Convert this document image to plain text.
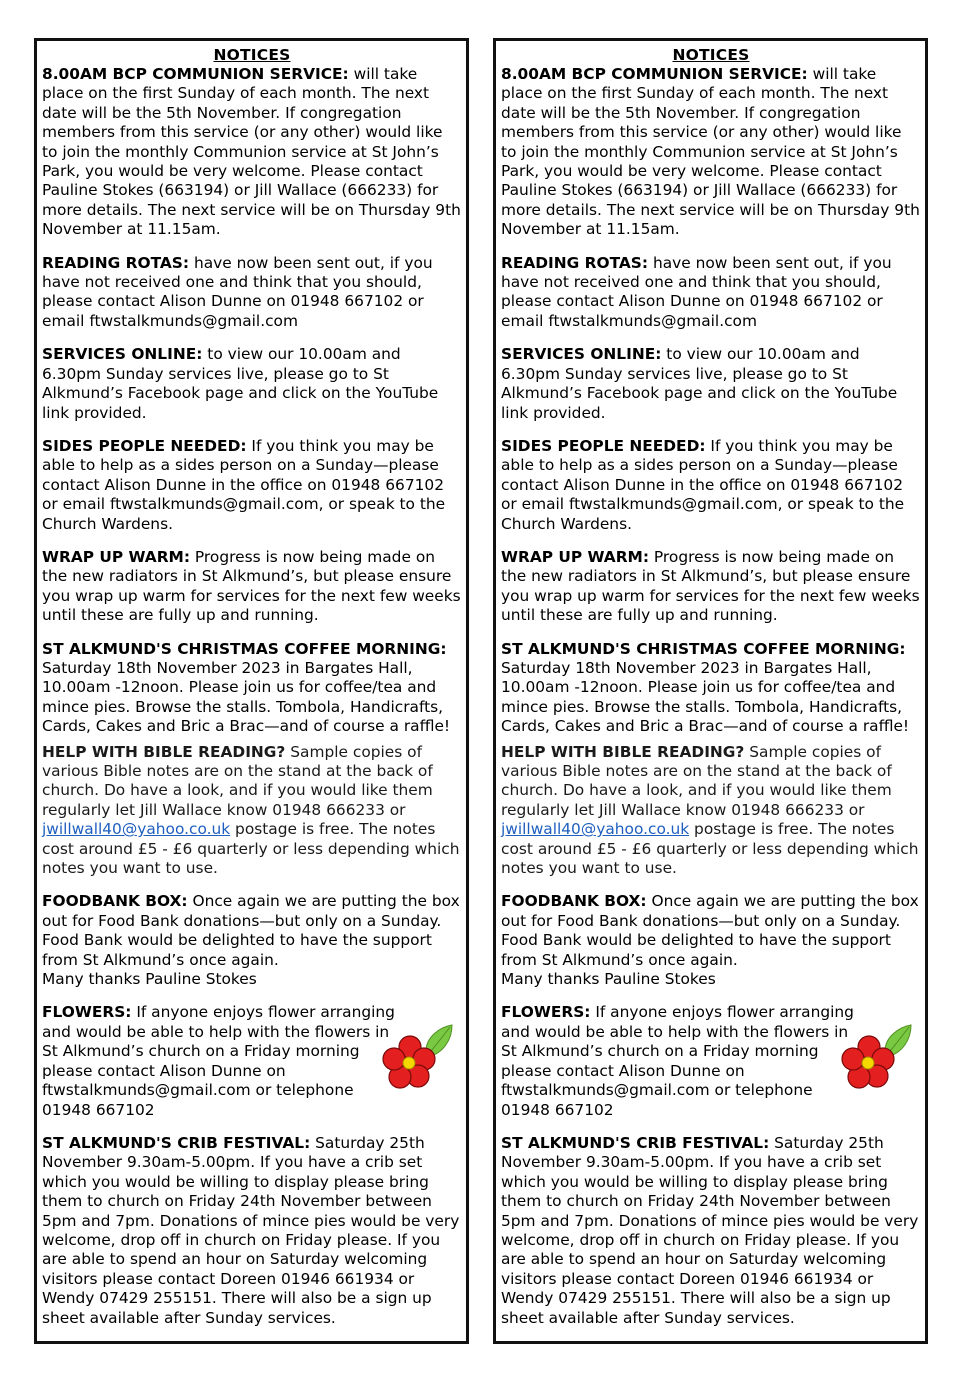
NOTICES

8.00AM BCP COMMUNION SERVICE: will take place on the first Sunday of each month. The next date will be the 5th November. If congregation members from this service (or any other) would like to join the monthly Communion service at St John’s Park, you would be very welcome. Please contact Pauline Stokes (663194) or Jill Wallace (666233) for more details. The next service will be on Thursday 9th November at 11.15am.

READING ROTAS: have now been sent out, if you have not received one and think that you should, please contact Alison Dunne on 01948 667102 or email ftwstalkmunds@gmail.com

SERVICES ONLINE: to view our 10.00am and 6.30pm Sunday services live, please go to St Alkmund’s Facebook page and click on the YouTube link provided.

SIDES PEOPLE NEEDED: If you think you may be able to help as a sides person on a Sunday—please contact Alison Dunne in the office on 01948 667102 or email ftwstalkmunds@gmail.com, or speak to the Church Wardens.

WRAP UP WARM: Progress is now being made on the new radiators in St Alkmund’s, but please ensure you wrap up warm for services for the next few weeks until these are fully up and running.

ST ALKMUND'S CHRISTMAS COFFEE MORNING: Saturday 18th November 2023 in Bargates Hall, 10.00am -12noon. Please join us for coffee/tea and mince pies. Browse the stalls. Tombola, Handicrafts, Cards, Cakes and Bric a Brac—and of course a raffle!

HELP WITH BIBLE READING? Sample copies of various Bible notes are on the stand at the back of church. Do have a look, and if you would like them regularly let Jill Wallace know 01948 666233 or jwillwall40@yahoo.co.uk postage is free. The notes cost around £5 - £6 quarterly or less depending which notes you want to use.

FOODBANK BOX: Once again we are putting the box out for Food Bank donations—but only on a Sunday. Food Bank would be delighted to have the support from St Alkmund’s once again.
Many thanks Pauline Stokes

FLOWERS: If anyone enjoys flower arranging and would be able to help with the flowers in St Alkmund’s church on a Friday morning please contact Alison Dunne on ftwstalkmunds@gmail.com or telephone 01948 667102

ST ALKMUND'S CRIB FESTIVAL: Saturday 25th November 9.30am-5.00pm. If you have a crib set which you would be willing to display please bring them to church on Friday 24th November between 5pm and 7pm. Donations of mince pies would be very welcome, drop off in church on Friday please. If you are able to spend an hour on Saturday welcoming visitors please contact Doreen 01946 661934 or Wendy 07429 255151. There will also be a sign up sheet available after Sunday services.

NOTICES

8.00AM BCP COMMUNION SERVICE: will take place on the first Sunday of each month. The next date will be the 5th November. If congregation members from this service (or any other) would like to join the monthly Communion service at St John’s Park, you would be very welcome. Please contact Pauline Stokes (663194) or Jill Wallace (666233) for more details. The next service will be on Thursday 9th November at 11.15am.

READING ROTAS: have now been sent out, if you have not received one and think that you should, please contact Alison Dunne on 01948 667102 or email ftwstalkmunds@gmail.com

SERVICES ONLINE: to view our 10.00am and 6.30pm Sunday services live, please go to St Alkmund’s Facebook page and click on the YouTube link provided.

SIDES PEOPLE NEEDED: If you think you may be able to help as a sides person on a Sunday—please contact Alison Dunne in the office on 01948 667102 or email ftwstalkmunds@gmail.com, or speak to the Church Wardens.

WRAP UP WARM: Progress is now being made on the new radiators in St Alkmund’s, but please ensure you wrap up warm for services for the next few weeks until these are fully up and running.

ST ALKMUND'S CHRISTMAS COFFEE MORNING: Saturday 18th November 2023 in Bargates Hall, 10.00am -12noon. Please join us for coffee/tea and mince pies. Browse the stalls. Tombola, Handicrafts, Cards, Cakes and Bric a Brac—and of course a raffle!

HELP WITH BIBLE READING? Sample copies of various Bible notes are on the stand at the back of church. Do have a look, and if you would like them regularly let Jill Wallace know 01948 666233 or jwillwall40@yahoo.co.uk postage is free. The notes cost around £5 - £6 quarterly or less depending which notes you want to use.

FOODBANK BOX: Once again we are putting the box out for Food Bank donations—but only on a Sunday. Food Bank would be delighted to have the support from St Alkmund’s once again.
Many thanks Pauline Stokes

FLOWERS: If anyone enjoys flower arranging and would be able to help with the flowers in St Alkmund’s church on a Friday morning please contact Alison Dunne on ftwstalkmunds@gmail.com or telephone 01948 667102

ST ALKMUND'S CRIB FESTIVAL: Saturday 25th November 9.30am-5.00pm. If you have a crib set which you would be willing to display please bring them to church on Friday 24th November between 5pm and 7pm. Donations of mince pies would be very welcome, drop off in church on Friday please. If you are able to spend an hour on Saturday welcoming visitors please contact Doreen 01946 661934 or Wendy 07429 255151. There will also be a sign up sheet available after Sunday services.
